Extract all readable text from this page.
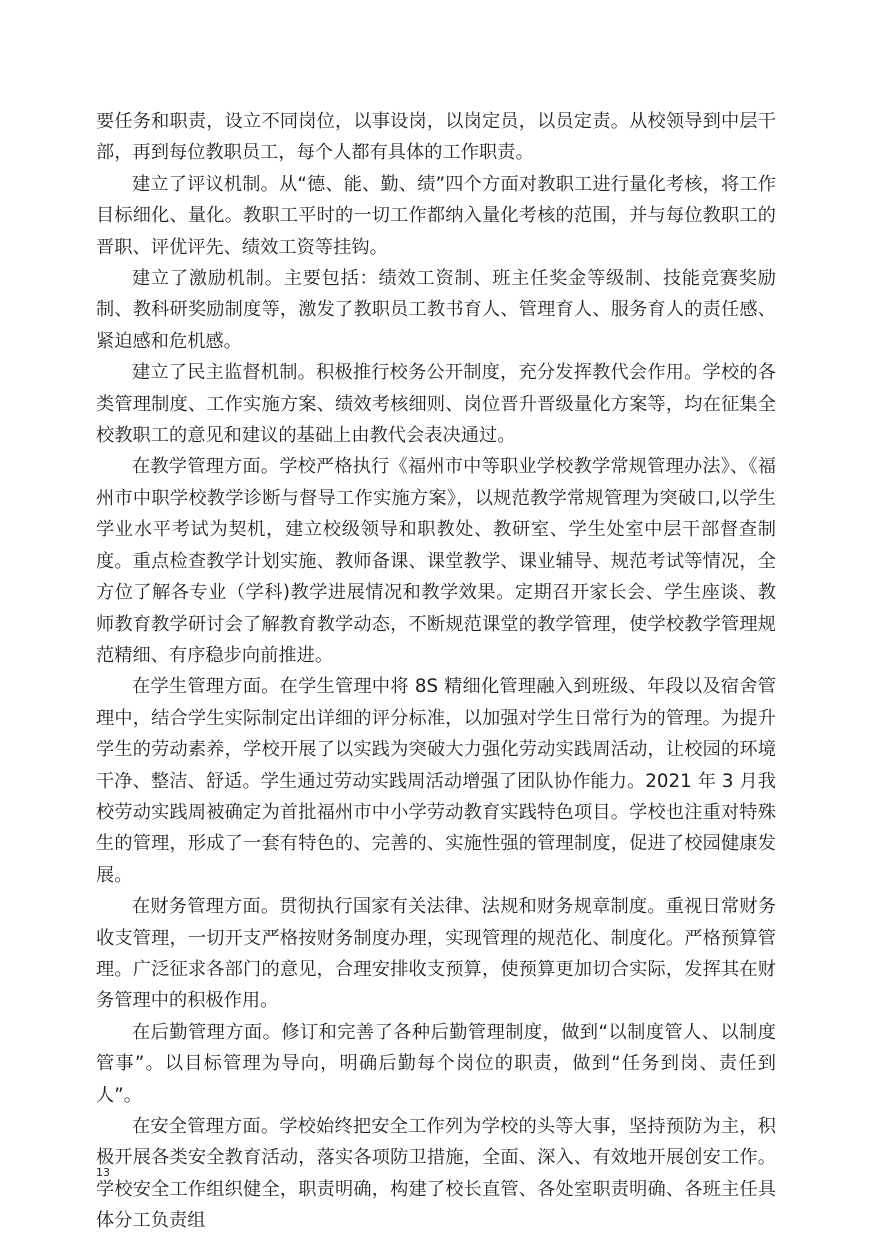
要任务和职责，设立不同岗位，以事设岗，以岗定员，以员定责。从校领导到中层干部，再到每位教职员工，每个人都有具体的工作职责。

建立了评议机制。从“德、能、勤、绩”四个方面对教职工进行量化考核，将工作目标细化、量化。教职工平时的一切工作都纳入量化考核的范围，并与每位教职工的晋职、评优评先、绩效工资等挂钩。

建立了激励机制。主要包括：绩效工资制、班主任奖金等级制、技能竞赛奖励制、教科研奖励制度等，激发了教职员工教书育人、管理育人、服务育人的责任感、紧迫感和危机感。

建立了民主监督机制。积极推行校务公开制度，充分发挥教代会作用。学校的各类管理制度、工作实施方案、绩效考核细则、岗位晋升晋级量化方案等，均在征集全校教职工的意见和建议的基础上由教代会表决通过。

在教学管理方面。学校严格执行《福州市中等职业学校教学常规管理办法》、《福州市中职学校教学诊断与督导工作实施方案》，以规范教学常规管理为突破口,以学生学业水平考试为契机，建立校级领导和职教处、教研室、学生处室中层干部督查制度。重点检查教学计划实施、教师备课、课堂教学、课业辅导、规范考试等情况，全方位了解各专业（学科)教学进展情况和教学效果。定期召开家长会、学生座谈、教师教育教学研讨会了解教育教学动态，不断规范课堂的教学管理，使学校教学管理规范精细、有序稳步向前推进。

在学生管理方面。在学生管理中将 8S 精细化管理融入到班级、年段以及宿舍管理中，结合学生实际制定出详细的评分标准，以加强对学生日常行为的管理。为提升学生的劳动素养，学校开展了以实践为突破大力强化劳动实践周活动，让校园的环境干净、整洁、舒适。学生通过劳动实践周活动增强了团队协作能力。2021 年 3 月我校劳动实践周被确定为首批福州市中小学劳动教育实践特色项目。学校也注重对特殊生的管理，形成了一套有特色的、完善的、实施性强的管理制度，促进了校园健康发展。

在财务管理方面。贯彻执行国家有关法律、法规和财务规章制度。重视日常财务收支管理，一切开支严格按财务制度办理，实现管理的规范化、制度化。严格预算管理。广泛征求各部门的意见，合理安排收支预算，使预算更加切合实际，发挥其在财务管理中的积极作用。

在后勤管理方面。修订和完善了各种后勤管理制度，做到“以制度管人、以制度管事”。以目标管理为导向，明确后勤每个岗位的职责，做到“任务到岗、责任到人”。

在安全管理方面。学校始终把安全工作列为学校的头等大事，坚持预防为主，积极开展各类安全教育活动，落实各项防卫措施，全面、深入、有效地开展创安工作。学校安全工作组织健全，职责明确，构建了校长直管、各处室职责明确、各班主任具体分工负责组

13
